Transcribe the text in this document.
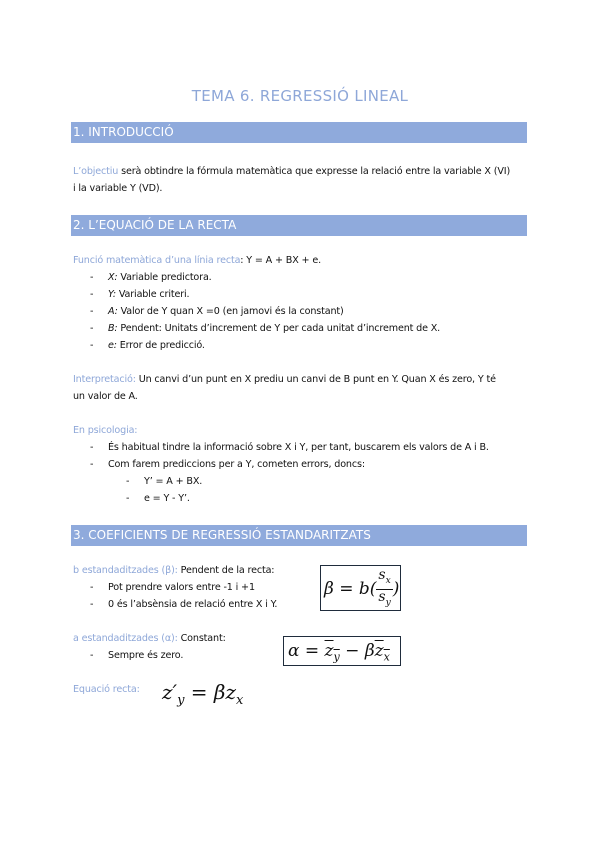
TEMA 6. REGRESSIÓ LINEAL
1. INTRODUCCIÓ
L’objectiu serà obtindre la fórmula matemàtica que expresse la relació entre la variable X (VI)
i la variable Y (VD).
2. L’EQUACIÓ DE LA RECTA
Funció matemàtica d’una línia recta: Y = A + BX + e.
- X: Variable predictora.
- Y: Variable criteri.
- A: Valor de Y quan X =0 (en jamovi és la constant)
- B: Pendent: Unitats d’increment de Y per cada unitat d’increment de X.
- e: Error de predicció.
Interpretació: Un canvi d’un punt en X prediu un canvi de B punt en Y. Quan X és zero, Y té
un valor de A.
En psicologia:
- És habitual tindre la informació sobre X i Y, per tant, buscarem els valors de A i B.
- Com farem prediccions per a Y, cometen errors, doncs:
- Y’ = A + BX.
- e = Y - Y’.
3. COEFICIENTS DE REGRESSIÓ ESTANDARITZATS
b estandaditzades (β): Pendent de la recta:
- Pot prendre valors entre -1 i +1
- 0 és l’absènsia de relació entre X i Y.
$\beta = b( \frac{s_x}{s_y}$ )
a estandaditzades (α): Constant:
- Sempre és zero.	$\alpha = z_y - \beta z_x$
Equació recta: $z'_y = \beta z_x$
